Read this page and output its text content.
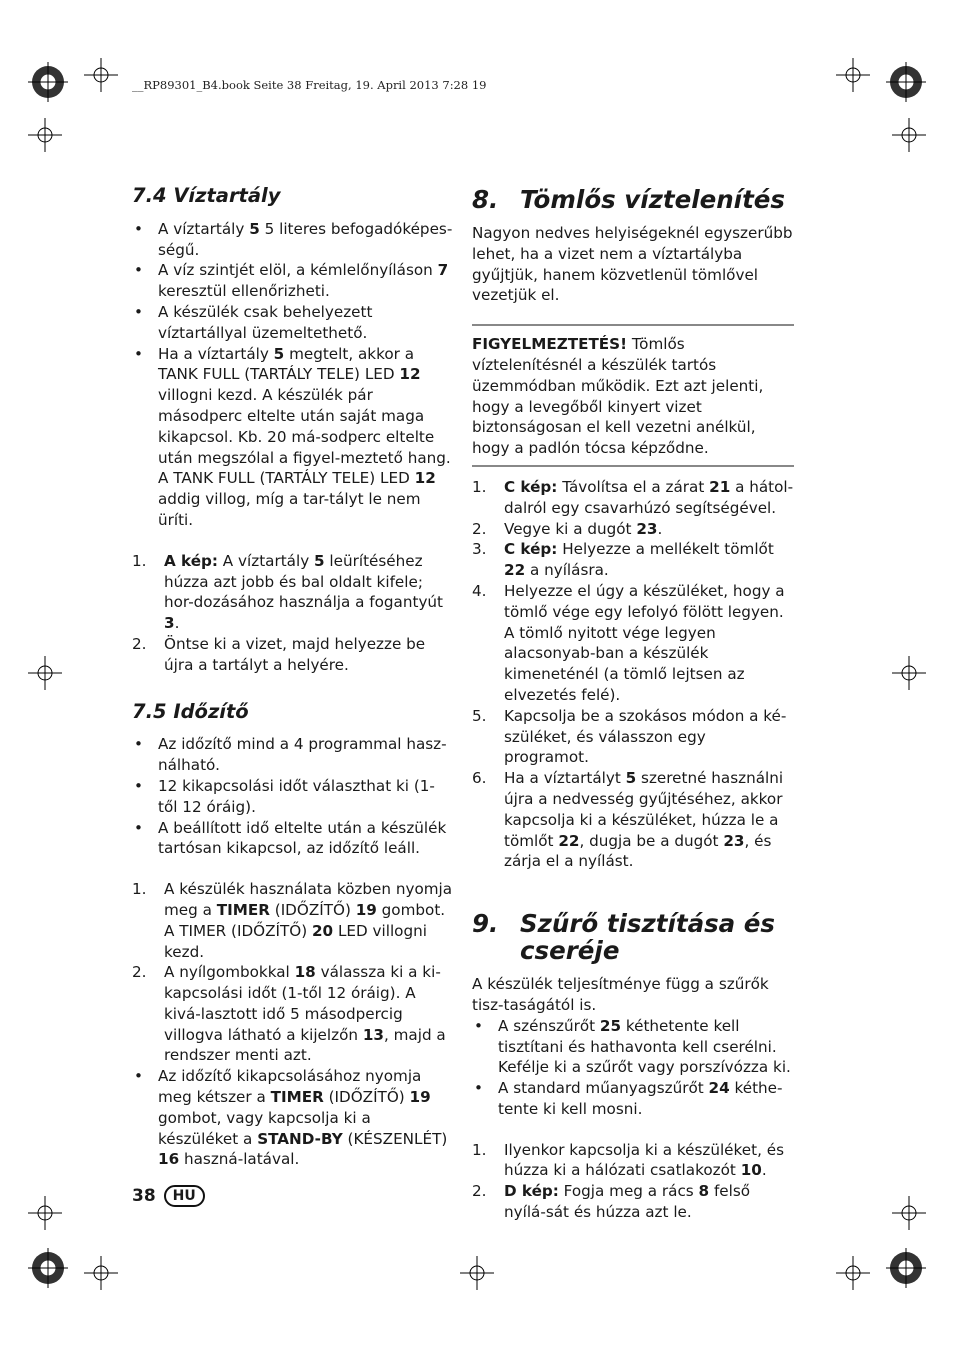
__RP89301_B4.book Seite 38 Freitag, 19. April 2013 7:28 19
7.4 Víztartály
• A víztartály 5 5 literes befogadóképes-ségű.
• A víz szintjét elöl, a kémlelőnyíláson 7 keresztül ellenőrizheti.
• A készülék csak behelyezett víztartállyal üzemeltethető.
• Ha a víztartály 5 megtelt, akkor a TANK FULL (TARTÁLY TELE) LED 12 villogni kezd. A készülék pár másodperc eltelte után saját maga kikapcsol. Kb. 20 má-sodperc eltelte után megszólal a figyel-meztető hang. A TANK FULL (TARTÁLY TELE) LED 12 addig villog, míg a tar-tályt le nem üríti.
1. A kép: A víztartály 5 leürítéséhez húzza azt jobb és bal oldalt kifele; hor-dozásához használja a fogantyút 3.
2. Öntse ki a vizet, majd helyezze be újra a tartályt a helyére.
7.5 Időzítő
• Az időzítő mind a 4 programmal hasz-nálható.
• 12 kikapcsolási időt választhat ki (1-től 12 óráig).
• A beállított idő eltelte után a készülék tartósan kikapcsol, az időzítő leáll.
1. A készülék használata közben nyomja meg a TIMER (IDŐZÍTŐ) 19 gombot. A TIMER (IDŐZÍTŐ) 20 LED villogni kezd.
2. A nyílgombokkal 18 válassza ki a ki-kapcsolási időt (1-től 12 óráig). A kivá-lasztott idő 5 másodpercig villogva látható a kijelzőn 13, majd a rendszer menti azt.
• Az időzítő kikapcsolásához nyomja meg kétszer a TIMER (IDŐZÍTŐ) 19 gombot, vagy kapcsolja ki a készüléket a STAND-BY (KÉSZENLÉT) 16 haszná-latával.
8. Tömlős víztelenítés

Nagyon nedves helyiségeknél egyszerűbb lehet, ha a vizet nem a víztartályba gyűjtjük, hanem közvetlenül tömlővel vezetjük el.

FIGYELMEZTETÉS! Tömlős víztelenítésnél a készülék tartós üzemmódban működik. Ezt azt jelenti, hogy a levegőből kinyert vizet biztonságosan el kell vezetni anélkül, hogy a padlón tócsa képződne.

1. C kép: Távolítsa el a zárat 21 a hátol-dalról egy csavarhúzó segítségével.
2. Vegye ki a dugót 23.
3. C kép: Helyezze a mellékelt tömlőt 22 a nyílásra.
4. Helyezze el úgy a készüléket, hogy a tömlő vége egy lefolyó fölött legyen. A tömlő nyitott vége legyen alacsonyab-ban a készülék kimeneténél (a tömlő lejtsen az elvezetés felé).
5. Kapcsolja be a szokásos módon a ké-szüléket, és válasszon egy programot.
6. Ha a víztartályt 5 szeretné használni újra a nedvesség gyűjtéséhez, akkor kapcsolja ki a készüléket, húzza le a tömlőt 22, dugja be a dugót 23, és zárja el a nyílást.
9. Szűrő tisztítása és cseréje

A készülék teljesítménye függ a szűrők tisz-taságától is.

• A szénszűrőt 25 kéthetente kell tisztítani és hathavonta kell cserélni. Kefélje ki a szűrőt vagy porszívózza ki.
• A standard műanyagszűrőt 24 kéthe-tente ki kell mosni.
1. Ilyenkor kapcsolja ki a készüléket, és húzza ki a hálózati csatlakozót 10.
2. D kép: Fogja meg a rács 8 felső nyílá-sát és húzza azt le.
38	HU
